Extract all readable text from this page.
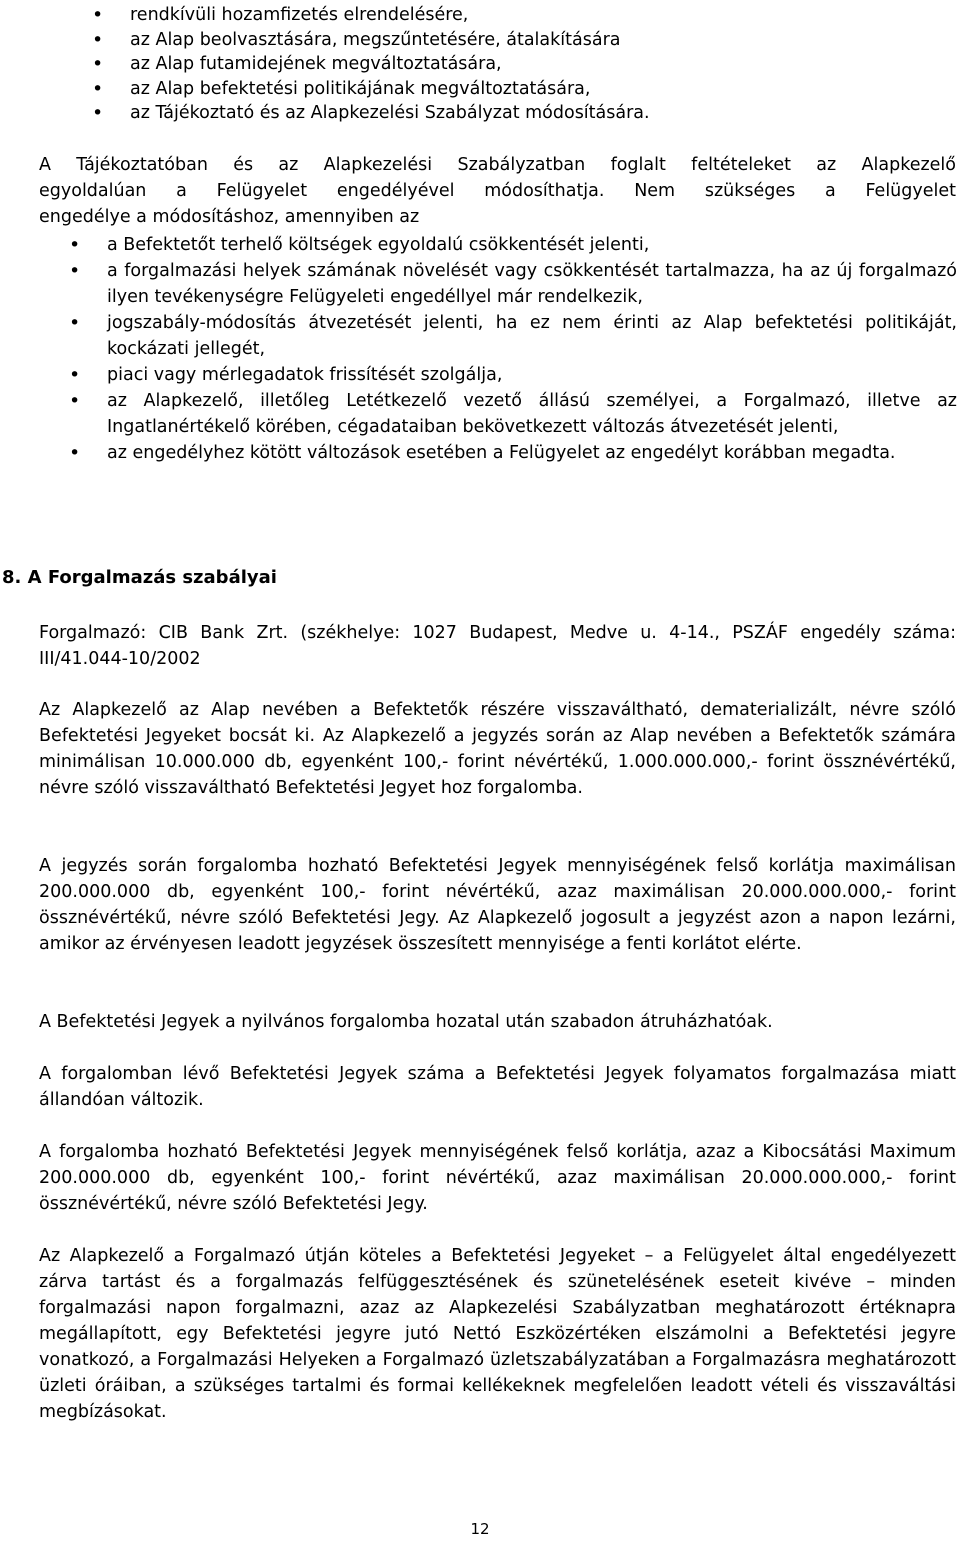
• rendkívüli hozamfizetés elrendelésére,
• az Alap beolvasztására, megszűntetésére, átalakítására
• az Alap futamidejének megváltoztatására,
• az Alap befektetési politikájának megváltoztatására,
• az Tájékoztató és az Alapkezelési Szabályzat módosítására.

A Tájékoztatóban és az Alapkezelési Szabályzatban foglalt feltételeket az Alapkezelő
egyoldalúan a Felügyelet engedélyével módosíthatja. Nem szükséges a Felügyelet
engedélye a módosításhoz, amennyiben az

• a Befektetőt terhelő költségek egyoldalú csökkentését jelenti,
• a forgalmazási helyek számának növelését vagy csökkentését tartalmazza, ha az új forgalmazó ilyen tevékenységre Felügyeleti engedéllyel már rendelkezik,
• jogszabály-módosítás átvezetését jelenti, ha ez nem érinti az Alap befektetési politikáját, kockázati jellegét,
• piaci vagy mérlegadatok frissítését szolgálja,
• az Alapkezelő, illetőleg Letétkezelő vezető állású személyei, a Forgalmazó, illetve az Ingatlanértékelő körében, cégadataiban bekövetkezett változás átvezetését jelenti,
• az engedélyhez kötött változások esetében a Felügyelet az engedélyt korábban megadta.
8. A Forgalmazás szabályai

Forgalmazó: CIB Bank Zrt. (székhelye: 1027 Budapest, Medve u. 4-14., PSZÁF engedély száma: III/41.044-10/2002

Az Alapkezelő az Alap nevében a Befektetők részére visszaváltható, dematerializált, névre szóló Befektetési Jegyeket bocsát ki. Az Alapkezelő a jegyzés során az Alap nevében a Befektetők számára minimálisan 10.000.000 db, egyenként 100,- forint névértékű, 1.000.000.000,- forint össznévértékű, névre szóló visszaváltható Befektetési Jegyet hoz forgalomba.

A jegyzés során forgalomba hozható Befektetési Jegyek mennyiségének felső korlátja maximálisan 200.000.000 db, egyenként 100,- forint névértékű, azaz maximálisan 20.000.000.000,- forint össznévértékű, névre szóló Befektetési Jegy. Az Alapkezelő jogosult a jegyzést azon a napon lezárni, amikor az érvényesen leadott jegyzések összesített mennyisége a fenti korlátot elérte.

A Befektetési Jegyek a nyilvános forgalomba hozatal után szabadon átruházhatóak.

A forgalomban lévő Befektetési Jegyek száma a Befektetési Jegyek folyamatos forgalmazása miatt állandóan változik.

A forgalomba hozható Befektetési Jegyek mennyiségének felső korlátja, azaz a Kibocsátási Maximum 200.000.000 db, egyenként 100,- forint névértékű, azaz maximálisan 20.000.000.000,- forint össznévértékű, névre szóló Befektetési Jegy.

Az Alapkezelő a Forgalmazó útján köteles a Befektetési Jegyeket – a Felügyelet által engedélyezett zárva tartást és a forgalmazás felfüggesztésének és szünetelésének eseteit kivéve – minden forgalmazási napon forgalmazni, azaz az Alapkezelési Szabályzatban meghatározott értéknapra megállapított, egy Befektetési jegyre jutó Nettó Eszközértéken elszámolni a Befektetési jegyre vonatkozó, a Forgalmazási Helyeken a Forgalmazó üzletszabályzatában a Forgalmazásra meghatározott üzleti óráiban, a szükséges tartalmi és formai kellékeknek megfelelően leadott vételi és visszaváltási megbízásokat.

12
